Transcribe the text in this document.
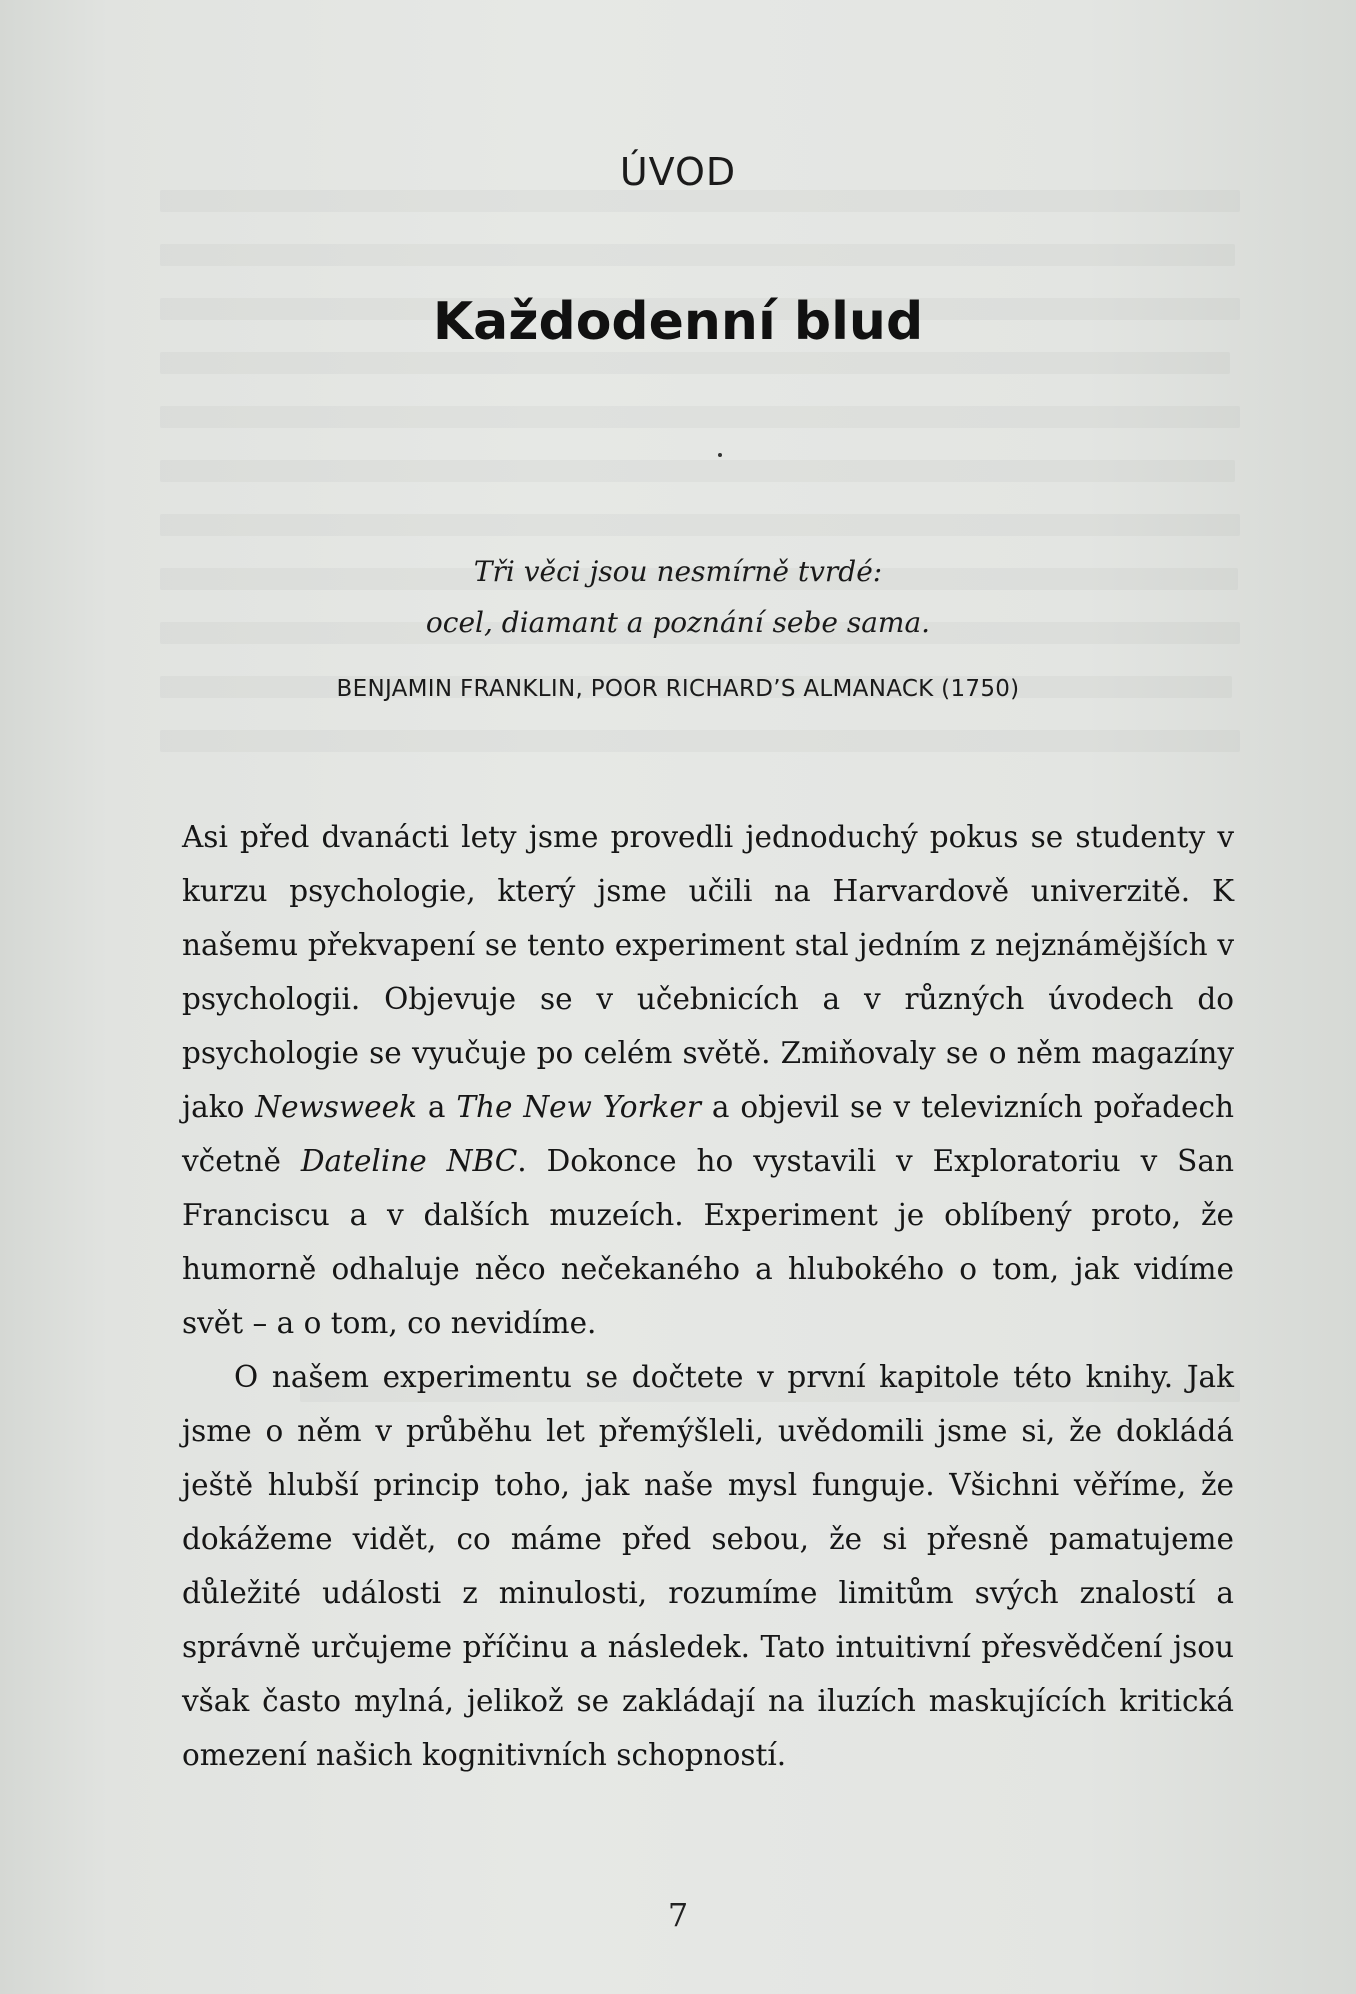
ÚVOD
Každodenní blud
Tři věci jsou nesmírně tvrdé:
ocel, diamant a poznání sebe sama.
BENJAMIN FRANKLIN, POOR RICHARD’S ALMANACK (1750)

Asi před dvanácti lety jsme provedli jednoduchý pokus se studenty v kurzu psychologie, který jsme učili na Harvardově univerzitě. K našemu překvapení se tento experiment stal jedním z nejznámějších v psychologii. Objevuje se v učebnicích a v různých úvodech do psychologie se vyučuje po celém světě. Zmiňovaly se o něm magazíny jako Newsweek a The New Yorker a objevil se v televizních pořadech včetně Dateline NBC. Dokonce ho vystavili v Exploratoriu v San Franciscu a v dalších muzeích. Experiment je oblíbený proto, že humorně odhaluje něco nečekaného a hlubokého o tom, jak vidíme svět – a o tom, co nevidíme.

O našem experimentu se dočtete v první kapitole této knihy. Jak jsme o něm v průběhu let přemýšleli, uvědomili jsme si, že dokládá ještě hlubší princip toho, jak naše mysl funguje. Všichni věříme, že dokážeme vidět, co máme před sebou, že si přesně pamatujeme důležité události z minulosti, rozumíme limitům svých znalostí a správně určujeme příčinu a následek. Tato intuitivní přesvědčení jsou však často mylná, jelikož se zakládají na iluzích maskujících kritická omezení našich kognitivních schopností.

7
